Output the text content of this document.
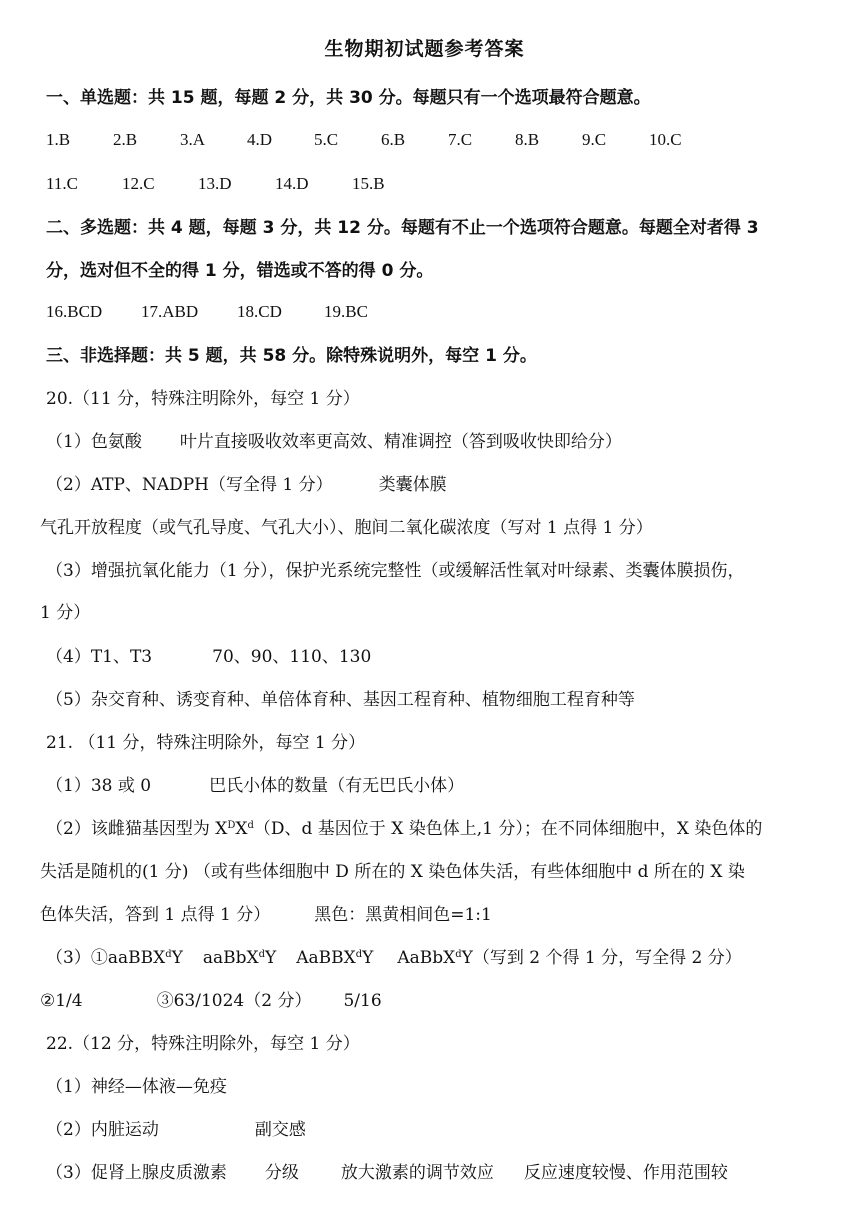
生物期初试题参考答案
一、单选题：共 15 题，每题 2 分，共 30 分。每题只有一个选项最符合题意。
1.B	2.B	3.A 4.D 5.C	6.B	7.C	8.B	9.C	10.C
11.C	12.C	13.D	14.D	15.B
二、多选题：共 4 题，每题 3 分，共 12 分。每题有不止一个选项符合题意。每题全对者得 3
分，选对但不全的得 1 分，错选或不答的得 0 分。
16.BCD 17.ABD 18.CD 19.BC
三、非选择题：共 5 题，共 58 分。除特殊说明外，每空 1 分。
20.（11 分，特殊注明除外，每空 1 分）
（1）色氨酸 叶片直接吸收效率更高效、精准调控（答到吸收快即给分）
（2）ATP、NADPH（写全得 1 分）	类囊体膜
气孔开放程度（或气孔导度、气孔大小）、胞间二氧化碳浓度（写对 1 点得 1 分）
（3）增强抗氧化能力（1 分），保护光系统完整性（或缓解活性氧对叶绿素、类囊体膜损伤，
1 分）
（4）T1、T3	70、90、110、130
（5）杂交育种、诱变育种、单倍体育种、基因工程育种、植物细胞工程育种等
21. （11 分，特殊注明除外，每空 1 分）
（1）38 或 0	巴氏小体的数量（有无巴氏小体）
（2）该雌猫基因型为 $X^DX^d(D$、d 基因位于 X 染色体上,1 分）；在不同体细胞中，X 染色体的
失活是随机的(1 分) （或有些体细胞中 D 所在的 X 染色体失活，有些体细胞中 d 所在的 X 染
色体失活，答到 1 点得 1 分）	黑色：黑黄相间色=1:1
（3）①aaBBX$^d$Y aaBbX$^d$Y AaBBX$^d$Y AaBbX$^d$Y（写到 2 个得 1 分，写全得 2 分）
②1/4	③63/1024（2 分） 5/16
22.（12 分，特殊注明除外，每空 1 分）
（1）神经—体液—免疫
（2）内脏运动	副交感
（3）促肾上腺皮质激素 分级 放大激素的调节效应 反应速度较慢、作用范围较
